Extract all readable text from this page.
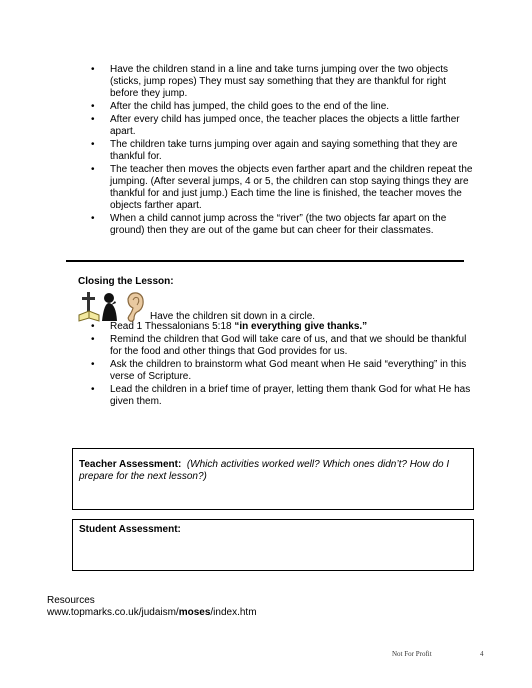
• Have the children stand in a line and take turns jumping over the two objects (sticks, jump ropes) They must say something that they are thankful for right before they jump.
• After the child has jumped, the child goes to the end of the line.
• After every child has jumped once, the teacher places the objects a little farther apart.
• The children take turns jumping over again and saying something that they are thankful for.
• The teacher then moves the objects even farther apart and the children repeat the jumping. (After several jumps, 4 or 5, the children can stop saying things they are thankful for and just jump.) Each time the line is finished, the teacher moves the objects farther apart.
• When a child cannot jump across the “river” (the two objects far apart on the ground) then they are out of the game but can cheer for their classmates.
Closing the Lesson:
Have the children sit down in a circle.
• Read 1 Thessalonians 5:18 “in everything give thanks.”
• Remind the children that God will take care of us, and that we should be thankful for the food and other things that God provides for us.
• Ask the children to brainstorm what God meant when He said “everything” in this verse of Scripture.
• Lead the children in a brief time of prayer, letting them thank God for what He has given them.
Teacher Assessment: (Which activities worked well? Which ones didn’t? How do I prepare for the next lesson?)
Student Assessment:
Resources
www.topmarks.co.uk/judaism/moses/index.htm
Not For Profit	4
